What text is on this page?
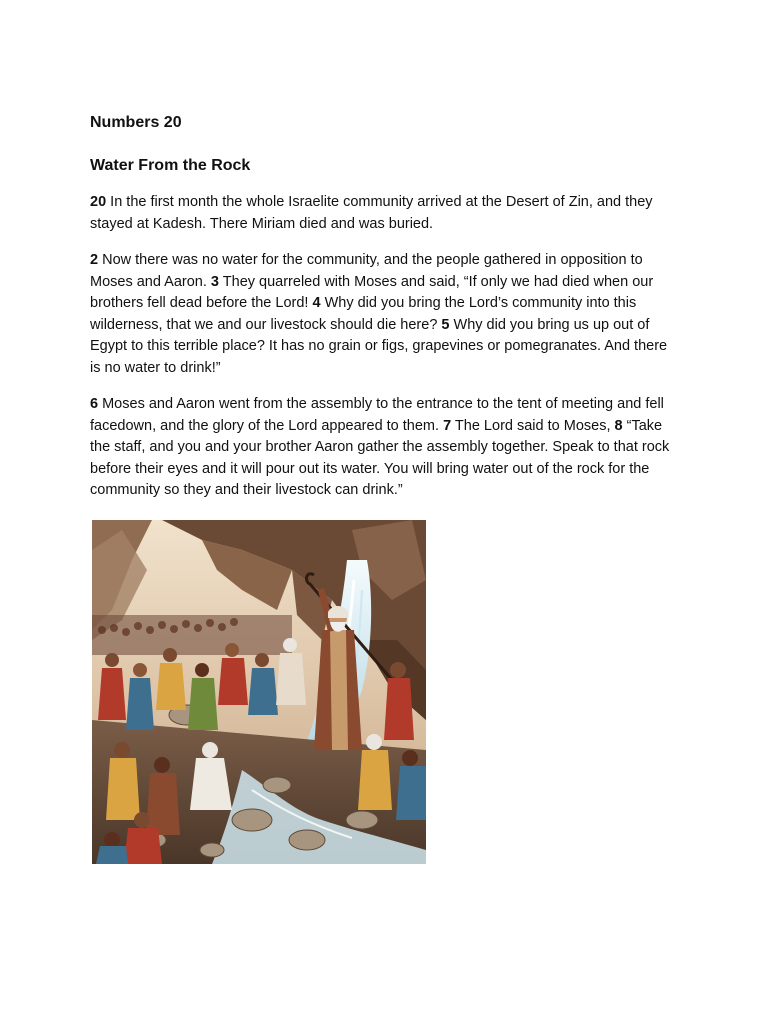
Numbers 20
Water From the Rock

20 In the first month the whole Israelite community arrived at the Desert of Zin, and they stayed at Kadesh. There Miriam died and was buried.

2 Now there was no water for the community, and the people gathered in opposition to Moses and Aaron. 3 They quarreled with Moses and said, “If only we had died when our brothers fell dead before the Lord! 4 Why did you bring the Lord’s community into this wilderness, that we and our livestock should die here? 5 Why did you bring us up out of Egypt to this terrible place? It has no grain or figs, grapevines or pomegranates. And there is no water to drink!”

6 Moses and Aaron went from the assembly to the entrance to the tent of meeting and fell facedown, and the glory of the Lord appeared to them. 7 The Lord said to Moses, 8 “Take the staff, and you and your brother Aaron gather the assembly together. Speak to that rock before their eyes and it will pour out its water. You will bring water out of the rock for the community so they and their livestock can drink.”
